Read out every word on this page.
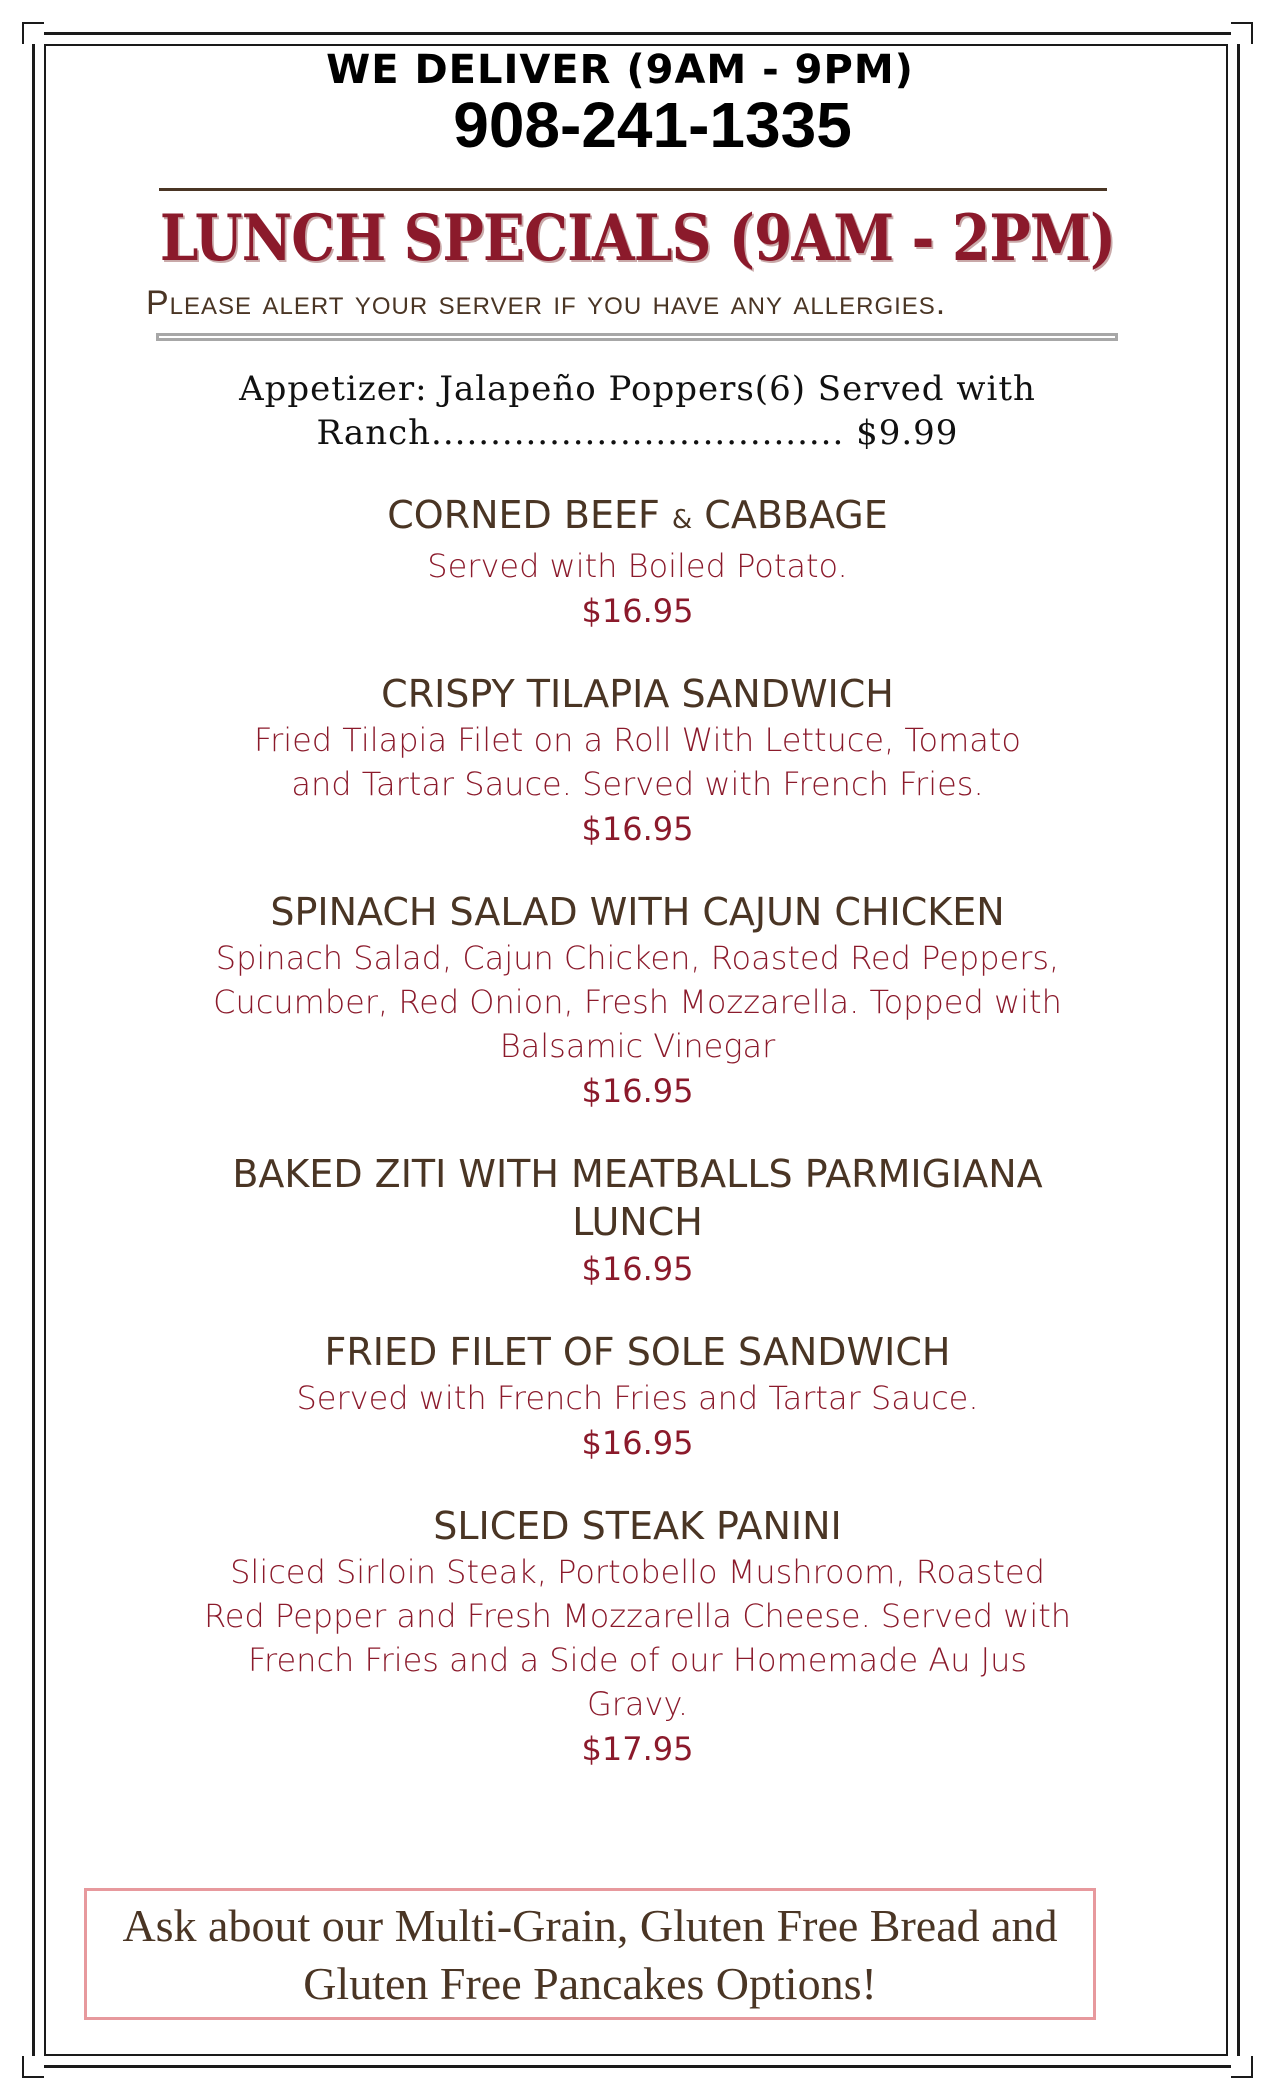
WE DELIVER (9AM - 9PM)
908-241-1335
LUNCH SPECIALS (9AM - 2PM)
Please alert your server if you have any allergies.
Appetizer: Jalapeño Poppers(6) Served with
Ranch................................... $9.99
CORNED BEEF & CABBAGE
Served with Boiled Potato.
$16.95
CRISPY TILAPIA SANDWICH
Fried Tilapia Filet on a Roll With Lettuce, Tomato and Tartar Sauce. Served with French Fries.
$16.95
SPINACH SALAD WITH CAJUN CHICKEN
Spinach Salad, Cajun Chicken, Roasted Red Peppers, Cucumber, Red Onion, Fresh Mozzarella. Topped with Balsamic Vinegar
$16.95
BAKED ZITI WITH MEATBALLS PARMIGIANA LUNCH
$16.95
FRIED FILET OF SOLE SANDWICH
Served with French Fries and Tartar Sauce.
$16.95
SLICED STEAK PANINI
Sliced Sirloin Steak, Portobello Mushroom, Roasted Red Pepper and Fresh Mozzarella Cheese. Served with French Fries and a Side of our Homemade Au Jus Gravy.
$17.95
Ask about our Multi-Grain, Gluten Free Bread and Gluten Free Pancakes Options!
